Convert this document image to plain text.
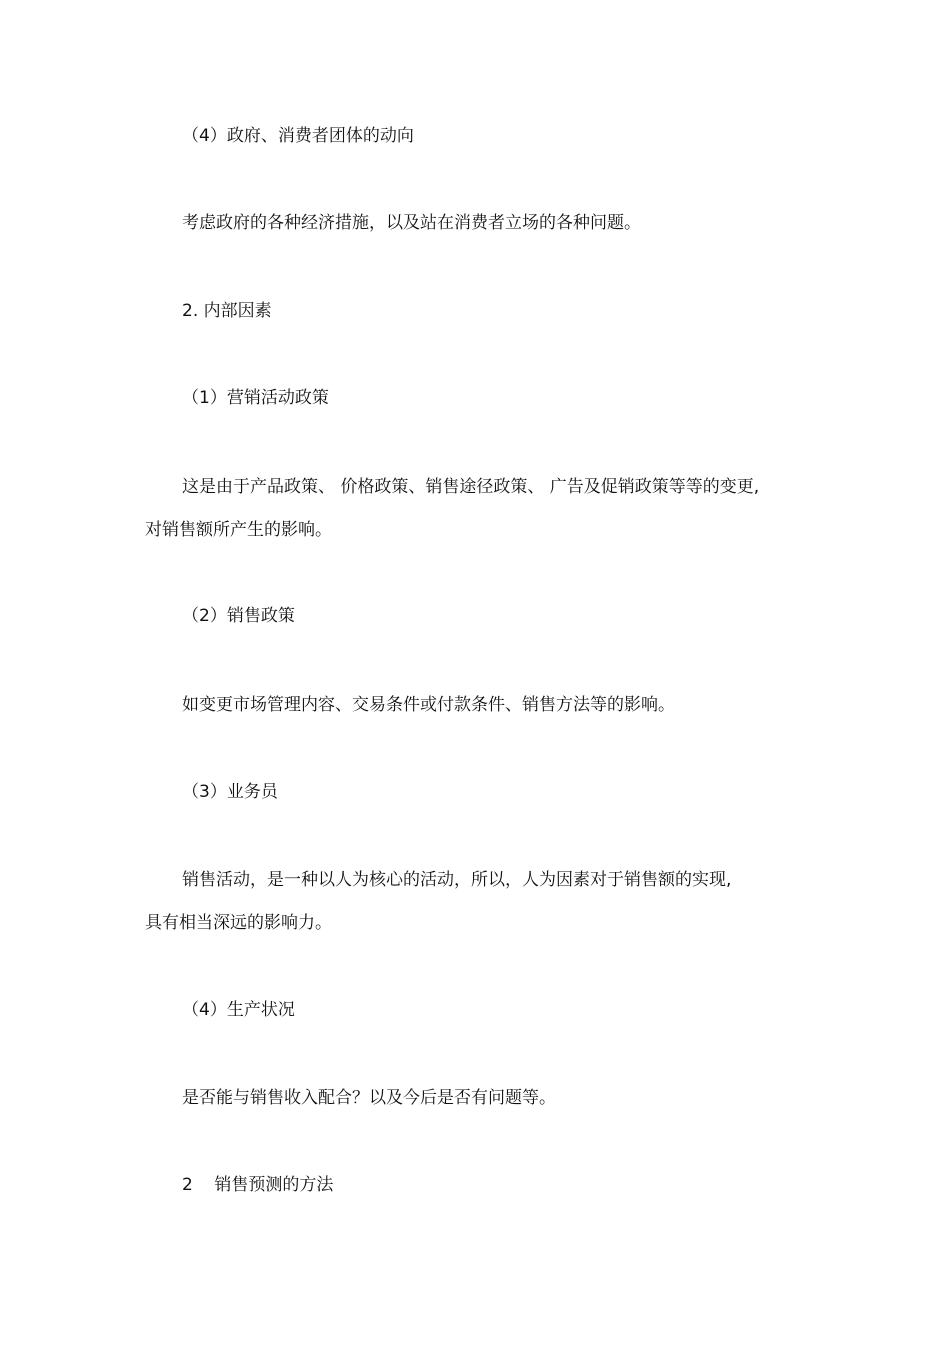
（4）政府、消费者团体的动向
考虑政府的各种经济措施，以及站在消费者立场的各种问题。
2. 内部因素
（1）营销活动政策
这是由于产品政策、 价格政策、销售途径政策、 广告及促销政策等等的变更,
对销售额所产生的影响。
（2）销售政策
如变更市场管理内容、交易条件或付款条件、销售方法等的影响。
（3）业务员
销售活动，是一种以人为核心的活动，所以，人为因素对于销售额的实现,
具有相当深远的影响力。
（4）生产状况
是否能与销售收入配合？以及今后是否有问题等。
2    销售预测的方法
